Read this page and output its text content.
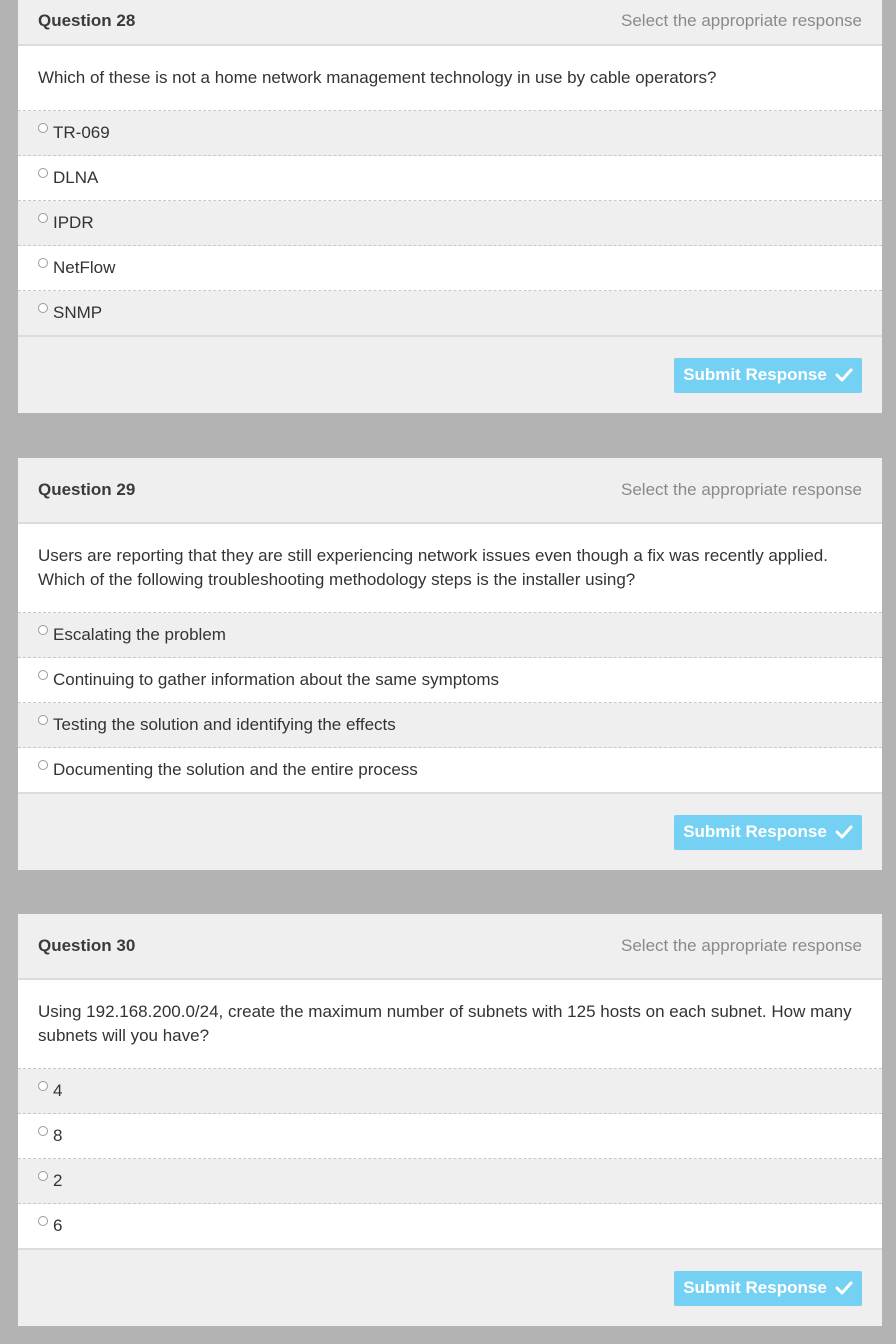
Question 28	Select the appropriate response
Which of these is not a home network management technology in use by cable operators?
TR-069
DLNA
IPDR
NetFlow
SNMP
Submit Response
Question 29	Select the appropriate response
Users are reporting that they are still experiencing network issues even though a fix was recently applied. Which of the following troubleshooting methodology steps is the installer using?
Escalating the problem
Continuing to gather information about the same symptoms
Testing the solution and identifying the effects
Documenting the solution and the entire process
Submit Response
Question 30	Select the appropriate response
Using 192.168.200.0/24, create the maximum number of subnets with 125 hosts on each subnet. How many subnets will you have?
4
8
2
6
Submit Response
